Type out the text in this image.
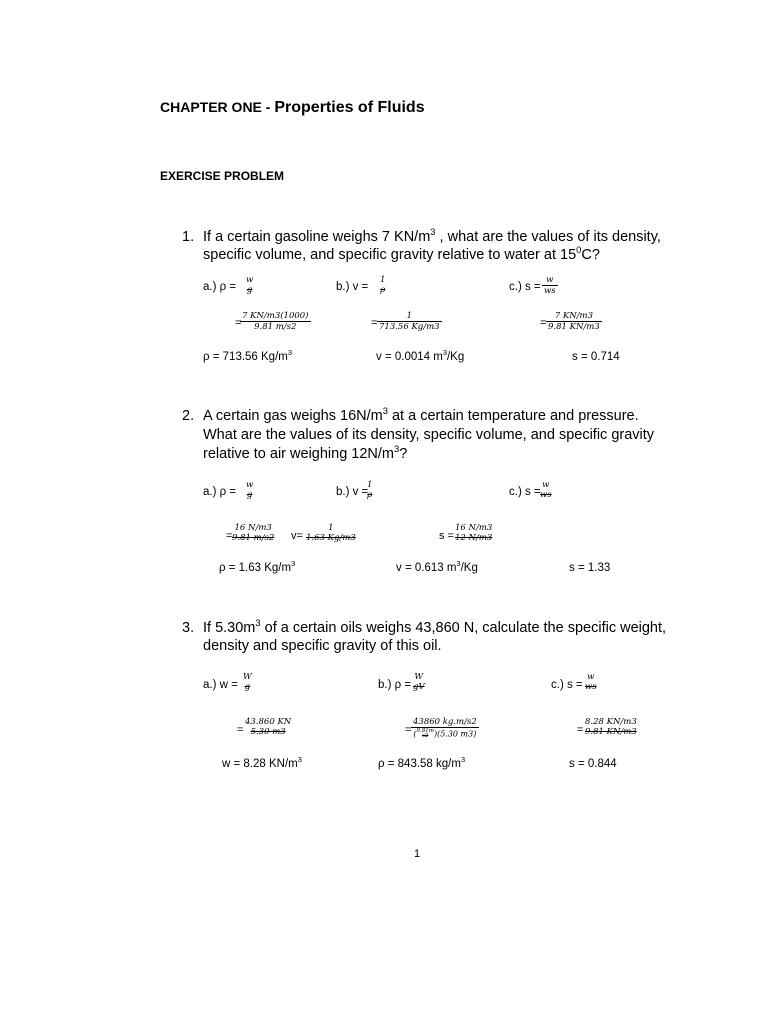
CHAPTER ONE - Properties of Fluids
EXERCISE PROBLEM
1. If a certain gasoline weighs 7 $KN/m^3$ , what are the values of its density,
specific volume, and specific gravity relative to water at $15^0C$?
a.) ρ =
w
g	b.) v =
1
ρ	c.) $s = \frac{w}{ws}$
=
$\frac{7 KN/m3(1000)}{9.81 m/s2}$	= $\frac{1}{713.56 Kg/m3}$	= $\frac{7 KN/m3}{9.81 KN/m3}$
ρ = 713.56 $Kg/m^3$	v = 0.0014 $m^3/Kg$	s = 0.714
2. A certain gas weighs $16N/m^3$ at a certain temperature and pressure.
What are the values of its density, specific volume, and specific gravity
relative to air weighing $12N/m^3$?
a.) ρ =
w
g	b.) v =
1
ρ	c.) s =
w
ws
=
16 N/m3
9.81 m/s2 v=
1
1.63 Kg/m3	s =
16 N/m3
12 N/m3
ρ = 1.63 $Kg/m^3$	v = 0.613 $m^3/Kg$	s = 1.33
3. If $5.30m^3$ of a certain oils weighs 43,860 N, calculate the specific weight,
density and specific gravity of this oil.
a.) w =
W
g	b.) ρ =
W
gV	c.) s =
w
ws
=
43.860 KN
5.30 m3	= 43860 kg.m/s2
( 9.81m
s2 )(5.30 m3)	=
8.28 KN/m3
9.81 KN/m3
w = 8.28 $KN/m^3$	ρ = 843.58 $kg/m^3$	s = 0.844
1
